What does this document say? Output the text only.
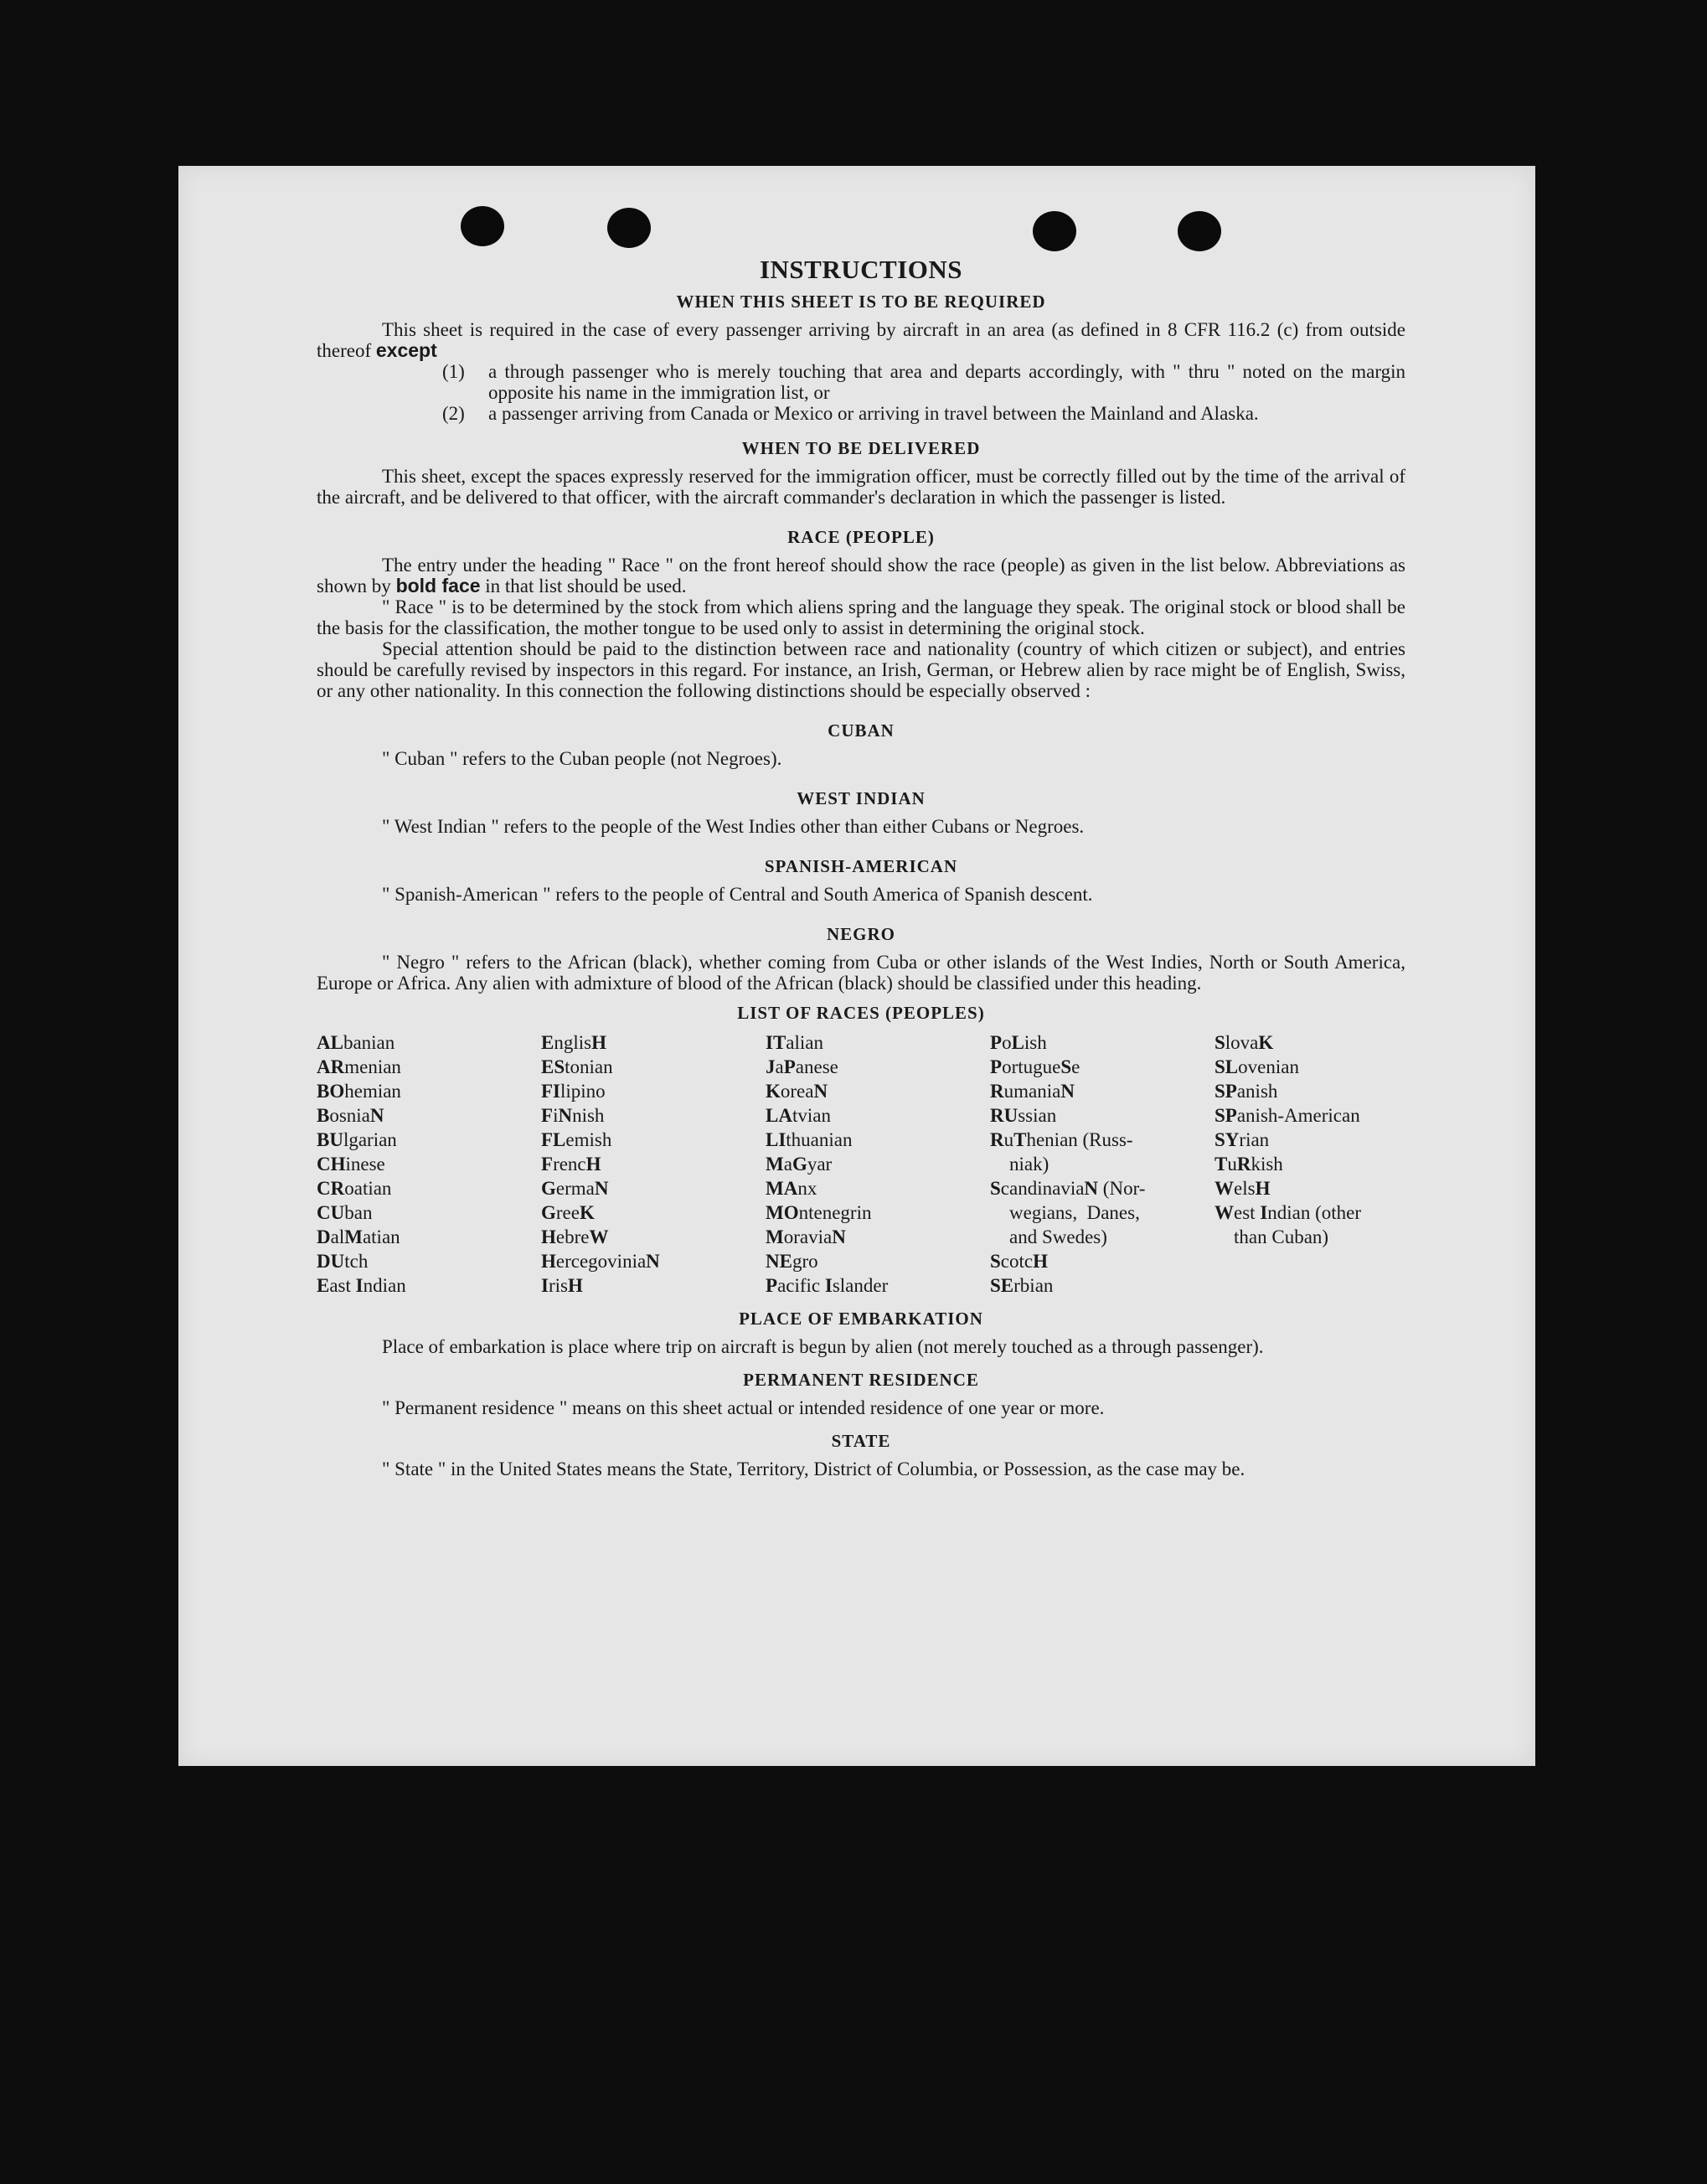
INSTRUCTIONS
WHEN THIS SHEET IS TO BE REQUIRED

This sheet is required in the case of every passenger arriving by aircraft in an area (as defined in 8 CFR 116.2 (c) from outside thereof except

(1)	a through passenger who is merely touching that area and departs accordingly, with " thru " noted on the margin opposite his name in the immigration list, or
(2)	a passenger arriving from Canada or Mexico or arriving in travel between the Mainland and Alaska.
WHEN TO BE DELIVERED

This sheet, except the spaces expressly reserved for the immigration officer, must be correctly filled out by the time of the arrival of the aircraft, and be delivered to that officer, with the aircraft commander's declaration in which the passenger is listed.

RACE (PEOPLE)

The entry under the heading " Race " on the front hereof should show the race (people) as given in the list below. Abbreviations as shown by bold face in that list should be used.

" Race " is to be determined by the stock from which aliens spring and the language they speak. The original stock or blood shall be the basis for the classification, the mother tongue to be used only to assist in determining the original stock.

Special attention should be paid to the distinction between race and nationality (country of which citizen or subject), and entries should be carefully revised by inspectors in this regard. For instance, an Irish, German, or Hebrew alien by race might be of English, Swiss, or any other nationality. In this connection the following distinctions should be especially observed :

CUBAN

" Cuban " refers to the Cuban people (not Negroes).

WEST INDIAN

" West Indian " refers to the people of the West Indies other than either Cubans or Negroes.

SPANISH-AMERICAN

" Spanish-American " refers to the people of Central and South America of Spanish descent.

NEGRO

" Negro " refers to the African (black), whether coming from Cuba or other islands of the West Indies, North or South America, Europe or Africa. Any alien with admixture of blood of the African (black) should be classified under this heading.

LIST OF RACES (PEOPLES)
ALbanian
ARmenian
BOhemian
BosniaN
BUlgarian
CHinese
CRoatian
CUban
DalMatian
DUtch
East Indian
EnglisH
EStonian
FIlipino
FiNnish
FLemish
FrencH
GermaN
GreeK
HebreW
HercegoviniaN
IrisH
ITalian
JaPanese
KoreaN
LAtvian
LIthuanian
MaGyar
MAnx
MOntenegrin
MoraviaN
NEgro
Pacific Islander
PoLish
PortugueSe
RumaniaN
RUssian
RuThenian (Russ-
niak)
ScandinaviaN (Nor-
wegians,  Danes,
and Swedes)
ScotcH
SErbian
SlovaK
SLovenian
SPanish
SPanish-American
SYrian
TuRkish
WelsH
West Indian (other
than Cuban)
PLACE OF EMBARKATION

Place of embarkation is place where trip on aircraft is begun by alien (not merely touched as a through passenger).

PERMANENT RESIDENCE

" Permanent residence " means on this sheet actual or intended residence of one year or more.

STATE

" State " in the United States means the State, Territory, District of Columbia, or Possession, as the case may be.
